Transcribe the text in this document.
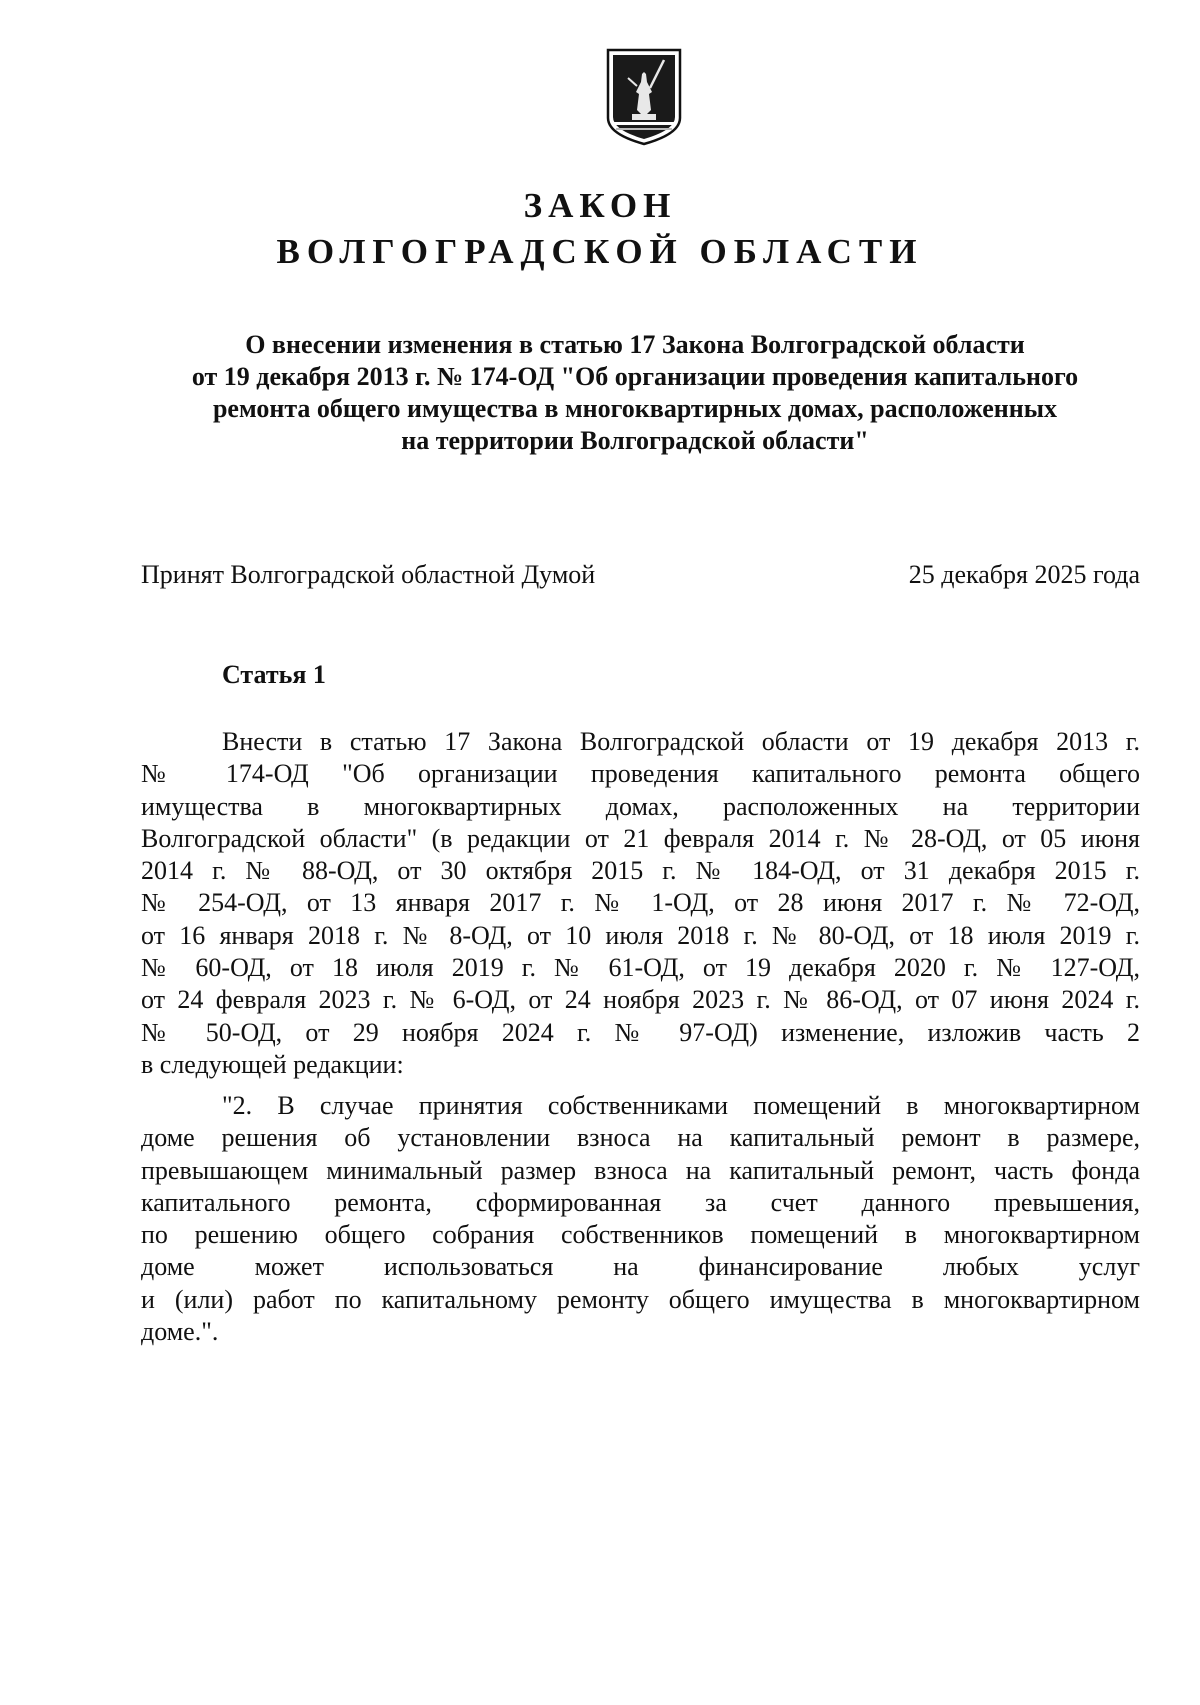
ЗАКОН
ВОЛГОГРАДСКОЙ ОБЛАСТИ
О внесении изменения в статью 17 Закона Волгоградской области
от 19 декабря 2013 г. № 174-ОД "Об организации проведения капитального
ремонта общего имущества в многоквартирных домах, расположенных
на территории Волгоградской области"
Принят Волгоградской областной Думой	25 декабря 2025 года
Статья 1
Внести в статью 17 Закона Волгоградской области от 19 декабря 2013 г.
№ 174-ОД "Об организации проведения капитального ремонта общего
имущества в многоквартирных домах, расположенных на территории
Волгоградской области" (в редакции от 21 февраля 2014 г. № 28-ОД, от 05 июня
2014 г. № 88-ОД, от 30 октября 2015 г. № 184-ОД, от 31 декабря 2015 г.
№ 254-ОД, от 13 января 2017 г. № 1-ОД, от 28 июня 2017 г. № 72-ОД,
от 16 января 2018 г. № 8-ОД, от 10 июля 2018 г. № 80-ОД, от 18 июля 2019 г.
№ 60-ОД, от 18 июля 2019 г. № 61-ОД, от 19 декабря 2020 г. № 127-ОД,
от 24 февраля 2023 г. № 6-ОД, от 24 ноября 2023 г. № 86-ОД, от 07 июня 2024 г.
№ 50-ОД, от 29 ноября 2024 г. № 97-ОД) изменение, изложив часть 2
в следующей редакции:
"2. В случае принятия собственниками помещений в многоквартирном
доме решения об установлении взноса на капитальный ремонт в размере,
превышающем минимальный размер взноса на капитальный ремонт, часть фонда
капитального ремонта, сформированная за счет данного превышения,
по решению общего собрания собственников помещений в многоквартирном
доме может использоваться на финансирование любых услуг
и (или) работ по капитальному ремонту общего имущества в многоквартирном
доме.".
